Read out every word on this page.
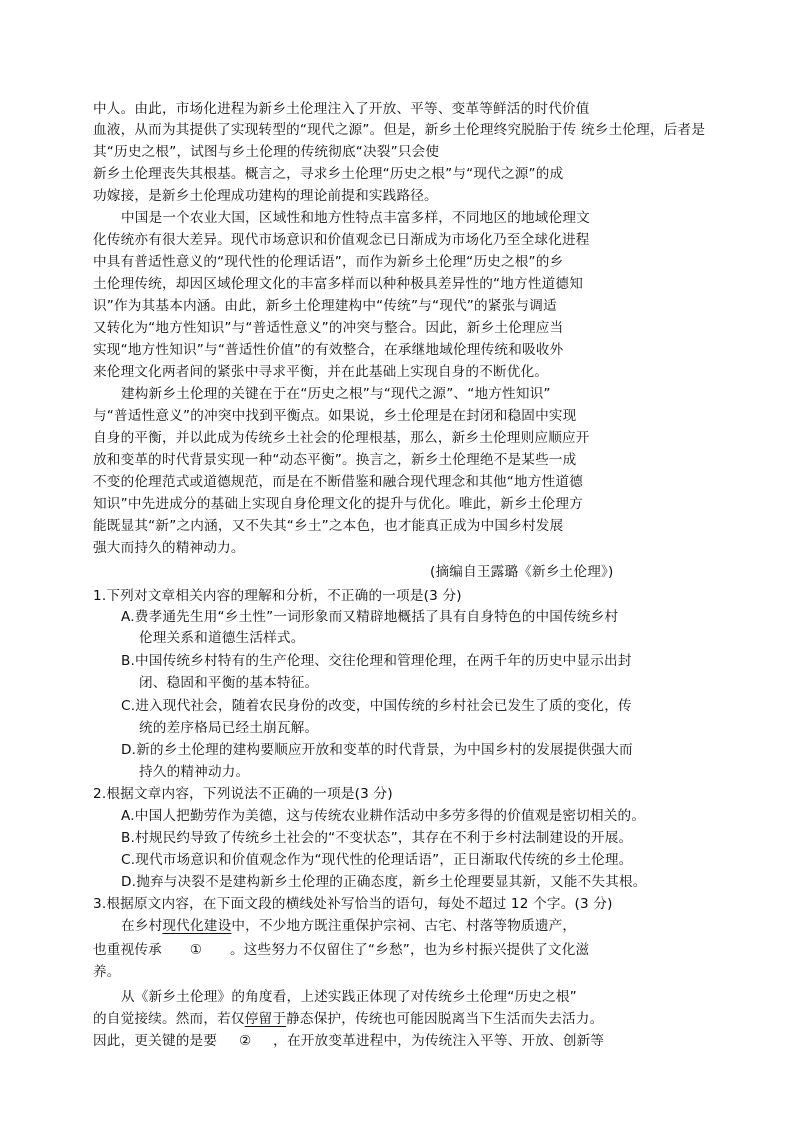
中人。由此，市场化进程为新乡土伦理注入了开放、平等、变革等鲜活的时代价值
血液，从而为其提供了实现转型的“现代之源”。但是，新乡土伦理终究脱胎于传 统乡土伦理，后者是
其“历史之根”，试图与乡土伦理的传统彻底“决裂”只会使
新乡土伦理丧失其根基。概言之，寻求乡土伦理“历史之根”与“现代之源”的成
功嫁接，是新乡土伦理成功建构的理论前提和实践路径。
中国是一个农业大国，区域性和地方性特点丰富多样，不同地区的地域伦理文
化传统亦有很大差异。现代市场意识和价值观念已日渐成为市场化乃至全球化进程
中具有普适性意义的“现代性的伦理话语”，而作为新乡土伦理“历史之根”的乡
土伦理传统，却因区域伦理文化的丰富多样而以种种极具差异性的“地方性道德知
识”作为其基本内涵。由此，新乡土伦理建构中“传统”与“现代”的紧张与调适
又转化为“地方性知识”与“普适性意义”的冲突与整合。因此，新乡土伦理应当
实现“地方性知识”与“普适性价值”的有效整合，在承继地域伦理传统和吸收外
来伦理文化两者间的紧张中寻求平衡，并在此基础上实现自身的不断优化。
建构新乡土伦理的关键在于在“历史之根”与“现代之源”、“地方性知识”
与“普适性意义”的冲突中找到平衡点。如果说，乡土伦理是在封闭和稳固中实现
自身的平衡，并以此成为传统乡土社会的伦理根基，那么，新乡土伦理则应顺应开
放和变革的时代背景实现一种“动态平衡”。换言之，新乡土伦理绝不是某些一成
不变的伦理范式或道德规范，而是在不断借鉴和融合现代理念和其他“地方性道德
知识”中先进成分的基础上实现自身伦理文化的提升与优化。唯此，新乡土伦理方
能既显其“新”之内涵，又不失其“乡土”之本色，也才能真正成为中国乡村发展
强大而持久的精神动力。
(摘编自王露璐《新乡土伦理》)
1.下列对文章相关内容的理解和分析，不正确的一项是(3 分)
A.费孝通先生用“乡土性”一词形象而又精辟地概括了具有自身特色的中国传统乡村
伦理关系和道德生活样式。
B.中国传统乡村特有的生产伦理、交往伦理和管理伦理，在两千年的历史中显示出封
闭、稳固和平衡的基本特征。
C.进入现代社会，随着农民身份的改变，中国传统的乡村社会已发生了质的变化，传
统的差序格局已经土崩瓦解。
D.新的乡土伦理的建构要顺应开放和变革的时代背景，为中国乡村的发展提供强大而
持久的精神动力。
2.根据文章内容，下列说法不正确的一项是(3 分)
A.中国人把勤劳作为美德，这与传统农业耕作活动中多劳多得的价值观是密切相关的。
B.村规民约导致了传统乡土社会的“不变状态”，其存在不利于乡村法制建设的开展。
C.现代市场意识和价值观念作为“现代性的伦理话语”，正日渐取代传统的乡土伦理。
D.抛弃与决裂不是建构新乡土伦理的正确态度，新乡土伦理要显其新，又能不失其根。
3.根据原文内容，在下面文段的横线处补写恰当的语句，每处不超过 12 个字。(3 分)
在乡村现代化建设中，不少地方既注重保护宗祠、古宅、村落等物质遗产，
也重视传承 ① 。这些努力不仅留住了“乡愁”，也为乡村振兴提供了文化滋
养。
从《新乡土伦理》的角度看，上述实践正体现了对传统乡土伦理“历史之根”
的自觉接续。然而，若仅停留于静态保护，传统也可能因脱离当下生活而失去活力。
因此，更关键的是要 ② ，在开放变革进程中，为传统注入平等、开放、创新等
